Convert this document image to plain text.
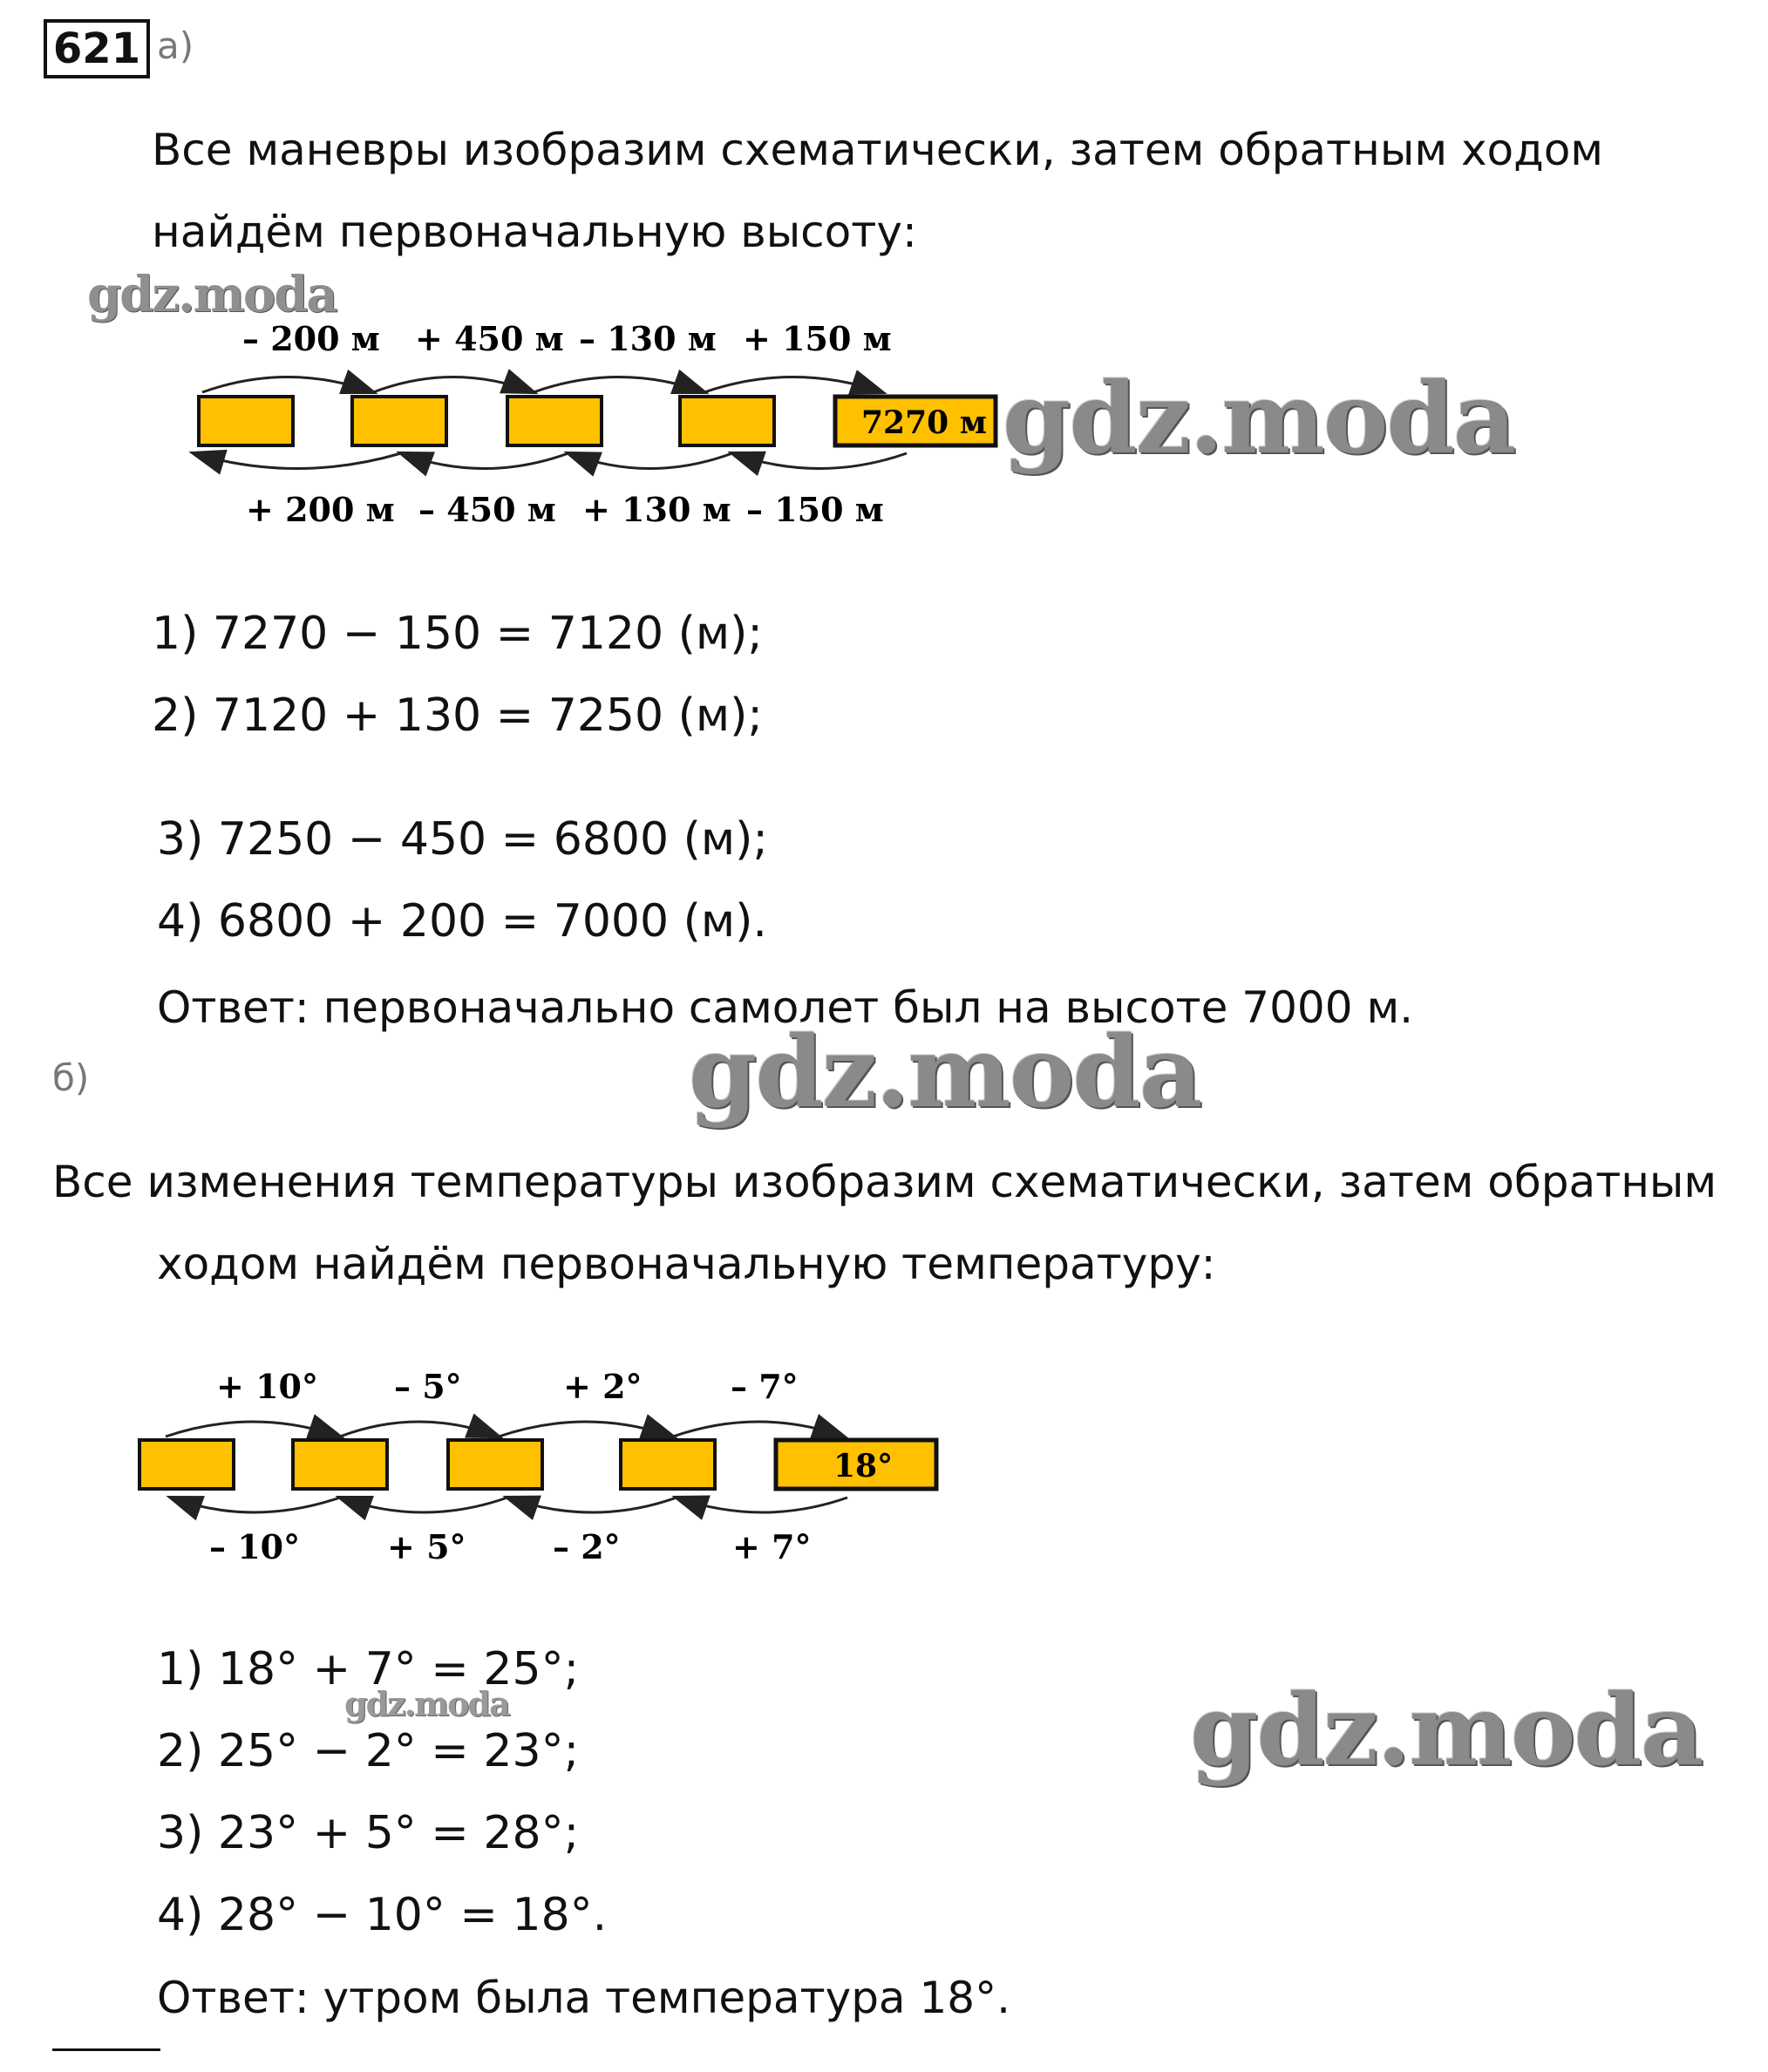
621 а)
Все маневры изобразим схематически, затем обратным ходом
найдём первоначальную высоту:
gdz.moda
– 200 м + 450 м – 130 м + 150 м
7270 м
+ 200 м – 450 м + 130 м – 150 м
+ 10° – 5°	+ 2°	– 7°
18°
– 10°	+ 5°	– 2°	+ 7°
gdz.moda
1) 7270 − 150 = 7120 (м);
2) 7120 + 130 = 7250 (м);
3) 7250 − 450 = 6800 (м);
4) 6800 + 200 = 7000 (м).
Ответ: первоначально самолет был на высоте 7000 м.
б)	gdz.moda
Все изменения температуры изобразим схематически, затем обратным
ходом найдём первоначальную температуру:
1) 18° + 7° = 25°;
gdz.moda
2) 25° − 2° = 23°;
3) 23° + 5° = 28°;
4) 28° − 10° = 18°.
Ответ: утром была температура 18°.
gdz.moda
